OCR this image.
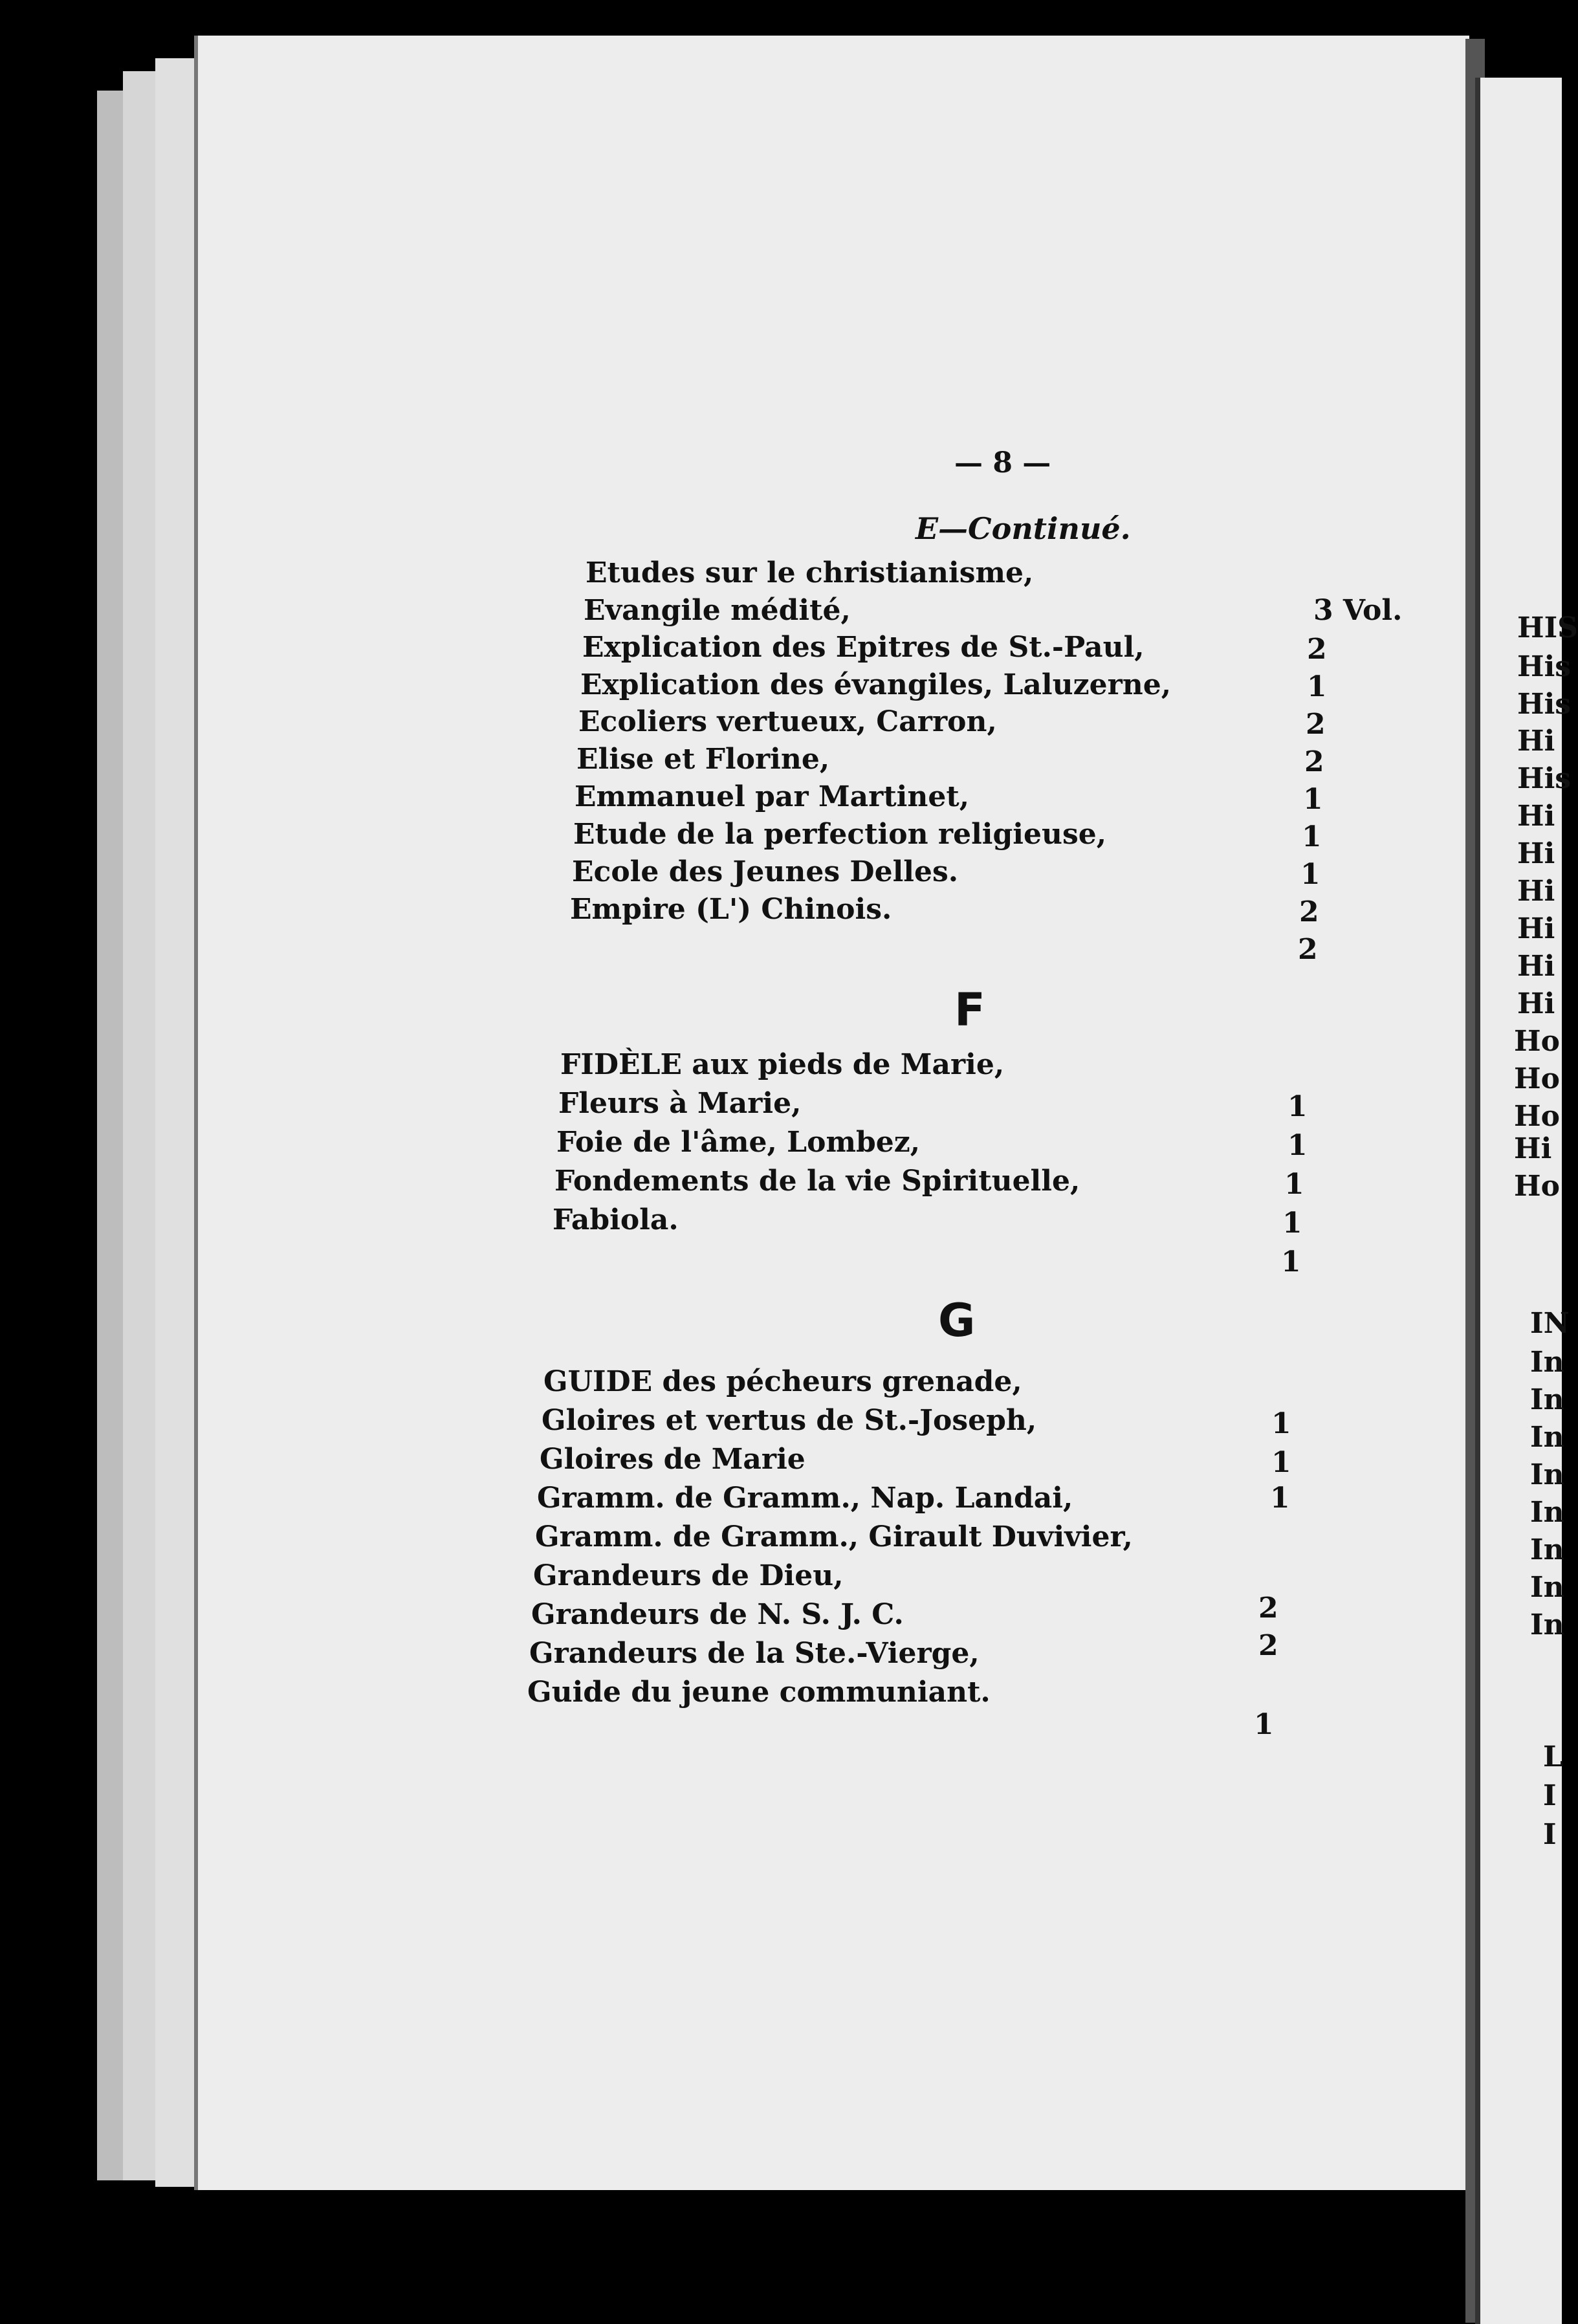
— 8 —
E—Continué.
Etudes sur le christianisme,
Evangile médité,
Explication des Epitres de St.-Paul,
Explication des évangiles, Laluzerne,
Ecoliers vertueux, Carron,
Elise et Florine,
Emmanuel par Martinet,
Etude de la perfection religieuse,
Ecole des Jeunes Delles.
Empire (L') Chinois.
3 Vol.
2
1
2
2
1
1
1
2
2
F
FIDÈLE aux pieds de Marie,
Fleurs à Marie,
Foie de l'âme, Lombez,
Fondements de la vie Spirituelle,
Fabiola.
1
1
1
1
1
G
GUIDE des pécheurs grenade,
Gloires et vertus de St.-Joseph,
Gloires de Marie
Gramm. de Gramm., Nap. Landai,
Gramm. de Gramm., Girault Duvivier,
Grandeurs de Dieu,
Grandeurs de N. S. J. C.
Grandeurs de la Ste.-Vierge,
Guide du jeune communiant.
1
1
1
2
2
1
HIS
His
His
Hi
His
Hi
Hi
Hi
Hi
Hi
Hi
Ho
Ho
Ho
Hi
Ho
IN
In
In
In
In
In
In
In
In
L
I
I
